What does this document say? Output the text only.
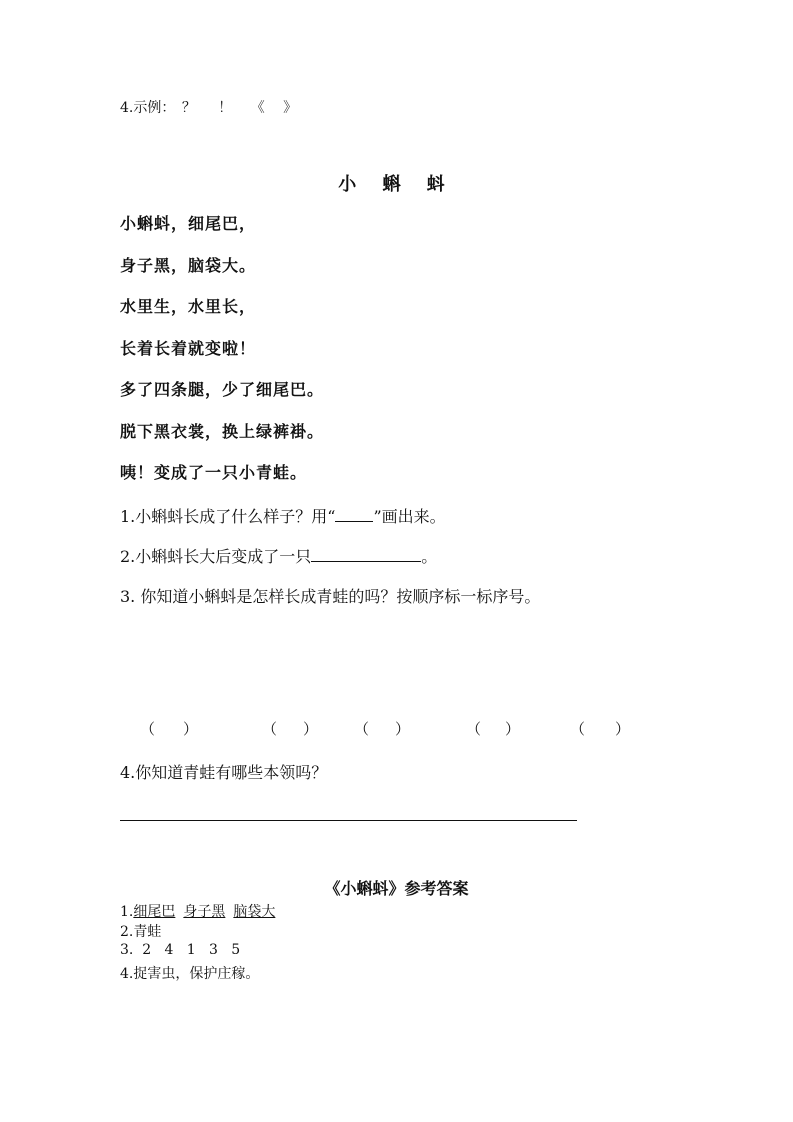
4.示例： ？ ！ 《 》
小 蝌 蚪
小蝌蚪，细尾巴，
身子黑，脑袋大。
水里生，水里长，
长着长着就变啦！
多了四条腿，少了细尾巴。
脱下黑衣裳，换上绿裤褂。
咦！变成了一只小青蛙。
1.小蝌蚪长成了什么样子？用“ ”画出来。
2.小蝌蚪长大后变成了一只	。
3. 你知道小蝌蚪是怎样长成青蛙的吗？按顺序标一标序号。
（ ）	（ ） （ ）	（ ）	（ ）
4.你知道青蛙有哪些本领吗？
《小蝌蚪》参考答案
1.细尾巴 身子黑 脑袋大
2.青蛙
3.  2   4   1   3   5
4.捉害虫，保护庄稼。
